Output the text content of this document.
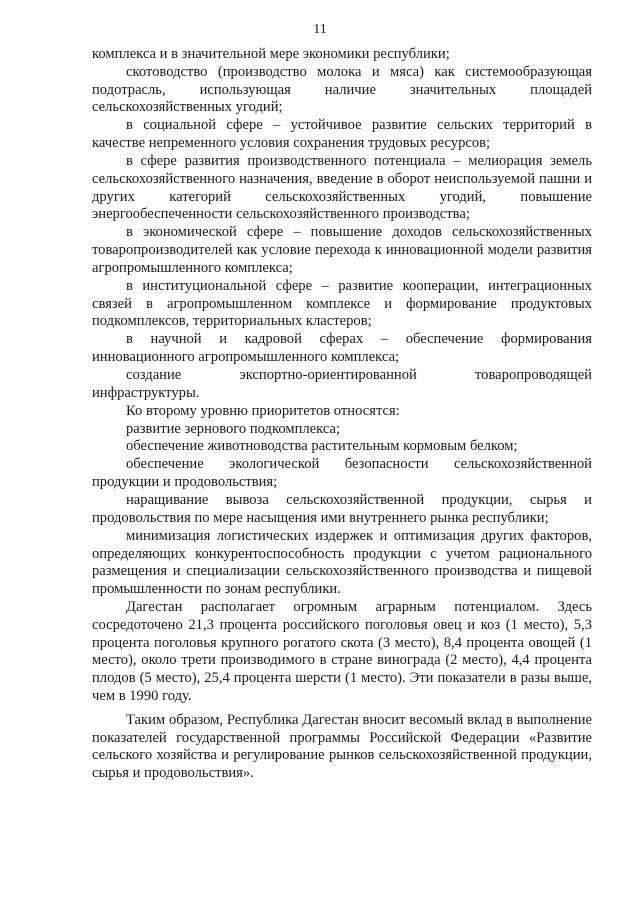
11

комплекса и в значительной мере экономики республики;

скотоводство (производство молока и мяса) как системообразующая подотрасль, использующая наличие значительных площадей сельскохозяйственных угодий;

в социальной сфере – устойчивое развитие сельских территорий в качестве непременного условия сохранения трудовых ресурсов;

в сфере развития производственного потенциала – мелиорация земель сельскохозяйственного назначения, введение в оборот неиспользуемой пашни и других категорий сельскохозяйственных угодий, повышение энергообеспеченности сельскохозяйственного производства;

в экономической сфере – повышение доходов сельскохозяйственных товаропроизводителей как условие перехода к инновационной модели развития агропромышленного комплекса;

в институциональной сфере – развитие кооперации, интеграционных связей в агропромышленном комплексе и формирование продуктовых подкомплексов, территориальных кластеров;

в научной и кадровой сферах – обеспечение формирования инновационного агропромышленного комплекса;

создание экспортно-ориентированной товаропроводящей инфраструктуры.

Ко второму уровню приоритетов относятся:

развитие зернового подкомплекса;

обеспечение животноводства растительным кормовым белком;

обеспечение экологической безопасности сельскохозяйственной продукции и продовольствия;

наращивание вывоза сельскохозяйственной продукции, сырья и продовольствия по мере насыщения ими внутреннего рынка республики;

минимизация логистических издержек и оптимизация других факторов, определяющих конкурентоспособность продукции с учетом рационального размещения и специализации сельскохозяйственного производства и пищевой промышленности по зонам республики.

Дагестан располагает огромным аграрным потенциалом. Здесь сосредоточено 21,3 процента российского поголовья овец и коз (1 место), 5,3 процента поголовья крупного рогатого скота (3 место), 8,4 процента овощей (1 место), около трети производимого в стране винограда (2 место), 4,4 процента плодов (5 место), 25,4 процента шерсти (1 место). Эти показатели в разы выше, чем в 1990 году.

Таким образом, Республика Дагестан вносит весомый вклад в выполнение показателей государственной программы Российской Федерации «Развитие сельского хозяйства и регулирование рынков сельскохозяйственной продукции, сырья и продовольствия».
